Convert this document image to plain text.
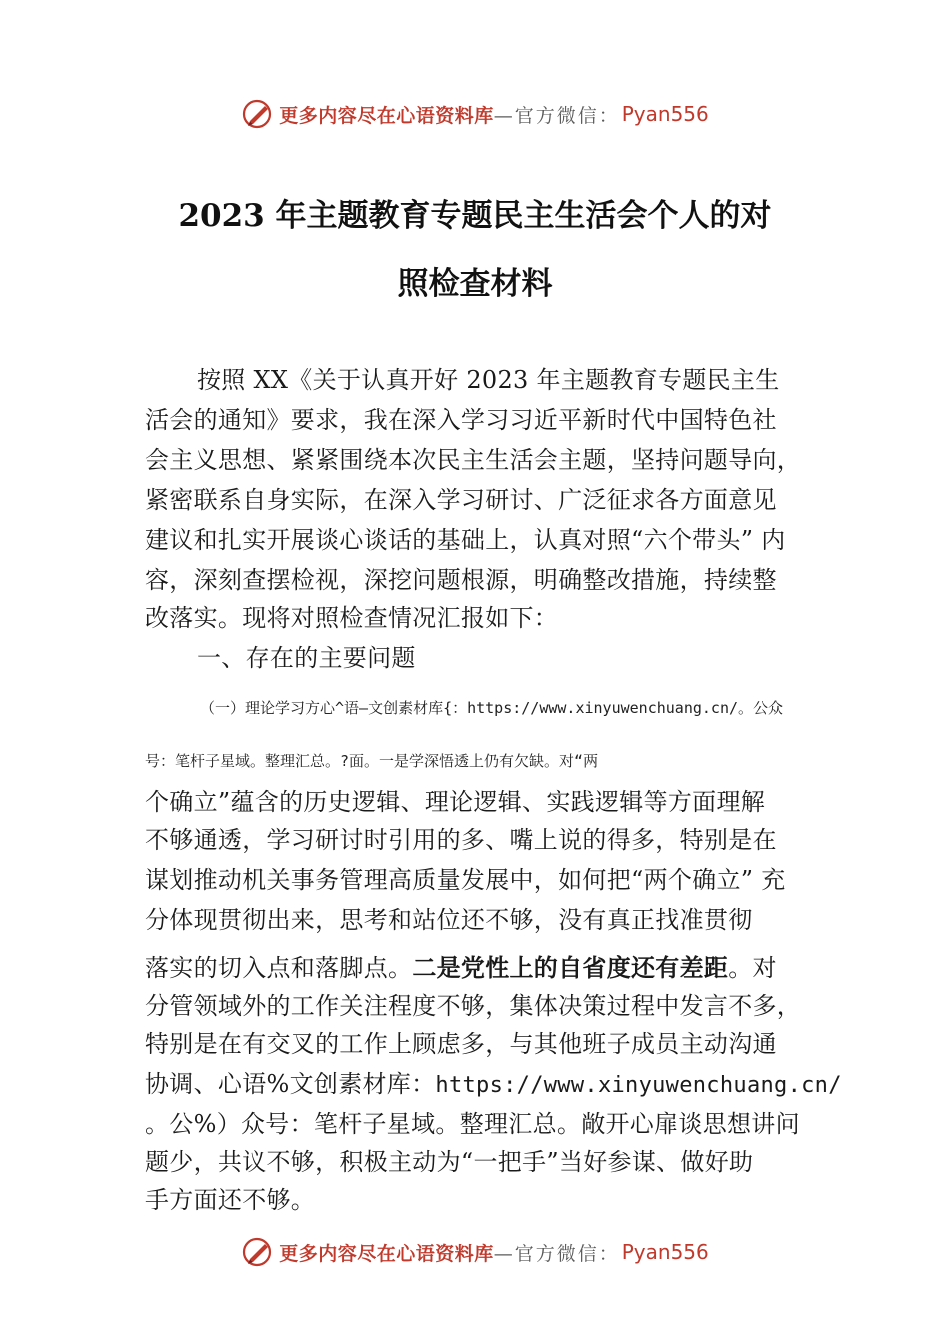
更多内容尽在心语资料库 —官方微信： Pyan556
2023 年主题教育专题民主生活会个人的对
照检查材料
按照 XX《关于认真开好 2023 年主题教育专题民主生
活会的通知》要求，我在深入学习习近平新时代中国特色社
会主义思想、紧紧围绕本次民主生活会主题，坚持问题导向，
紧密联系自身实际，在深入学习研讨、广泛征求各方面意见
建议和扎实开展谈心谈话的基础上，认真对照“六个带头” 内
容，深刻查摆检视，深挖问题根源，明确整改措施，持续整
改落实。现将对照检查情况汇报如下：
一、存在的主要问题
（一）理论学习方心^语—文创素材库{：https://www.xinyuwenchuang.cn/。公众
号：笔杆子星域。整理汇总。?面。一是学深悟透上仍有欠缺。对“两
个确立”蕴含的历史逻辑、理论逻辑、实践逻辑等方面理解
不够通透，学习研讨时引用的多、嘴上说的得多，特别是在
谋划推动机关事务管理高质量发展中，如何把“两个确立” 充
分体现贯彻出来，思考和站位还不够，没有真正找准贯彻
落实的切入点和落脚点。二是党性上的自省度还有差距。对
分管领域外的工作关注程度不够，集体决策过程中发言不多，
特别是在有交叉的工作上顾虑多，与其他班子成员主动沟通
协调、心语%文创素材库：https://www.xinyuwenchuang.cn/
。公%）众号：笔杆子星域。整理汇总。敞开心扉谈思想讲问
题少，共议不够，积极主动为“一把手”当好参谋、做好助
手方面还不够。
更多内容尽在心语资料库 —官方微信： Pyan556
